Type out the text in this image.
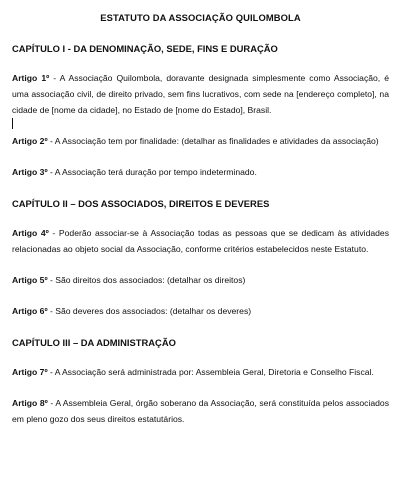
ESTATUTO DA ASSOCIAÇÃO QUILOMBOLA
CAPÍTULO I - DA DENOMINAÇÃO, SEDE, FINS E DURAÇÃO

Artigo 1º - A Associação Quilombola, doravante designada simplesmente como Associação, é uma associação civil, de direito privado, sem fins lucrativos, com sede na [endereço completo], na cidade de [nome da cidade], no Estado de [nome do Estado], Brasil.

Artigo 2º - A Associação tem por finalidade: (detalhar as finalidades e atividades da associação)

Artigo 3º - A Associação terá duração por tempo indeterminado.

CAPÍTULO II – DOS ASSOCIADOS, DIREITOS E DEVERES

Artigo 4º - Poderão associar-se à Associação todas as pessoas que se dedicam às atividades relacionadas ao objeto social da Associação, conforme critérios estabelecidos neste Estatuto.

Artigo 5º - São direitos dos associados: (detalhar os direitos)

Artigo 6º - São deveres dos associados: (detalhar os deveres)

CAPÍTULO III – DA ADMINISTRAÇÃO

Artigo 7º - A Associação será administrada por: Assembleia Geral, Diretoria e Conselho Fiscal.

Artigo 8º - A Assembleia Geral, órgão soberano da Associação, será constituída pelos associados em pleno gozo dos seus direitos estatutários.
